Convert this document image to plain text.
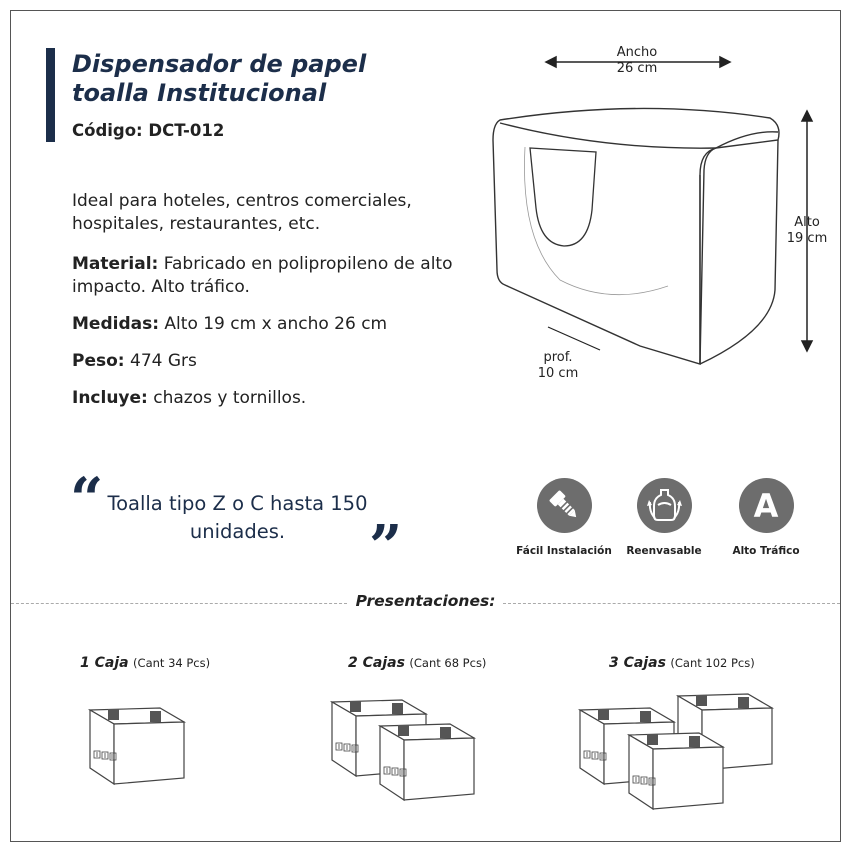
Dispensador de papel
toalla Institucional
Código: DCT-012
Ideal para hoteles, centros comerciales, hospitales, restaurantes, etc.
Material: Fabricado en polipropileno de alto impacto. Alto tráfico.
Medidas: Alto 19 cm x ancho 26 cm
Peso: 474 Grs
Incluye: chazos y tornillos.
Ancho
26 cm
Alto
19 cm
prof.
10 cm
“ Toalla tipo Z o C hasta 150 unidades.	„
Fácil Instalación	Reenvasable
A
Alto Tráfico
Presentaciones:
1 Caja (Cant 34 Pcs)	2 Cajas (Cant 68 Pcs)	3 Cajas (Cant 102 Pcs)
